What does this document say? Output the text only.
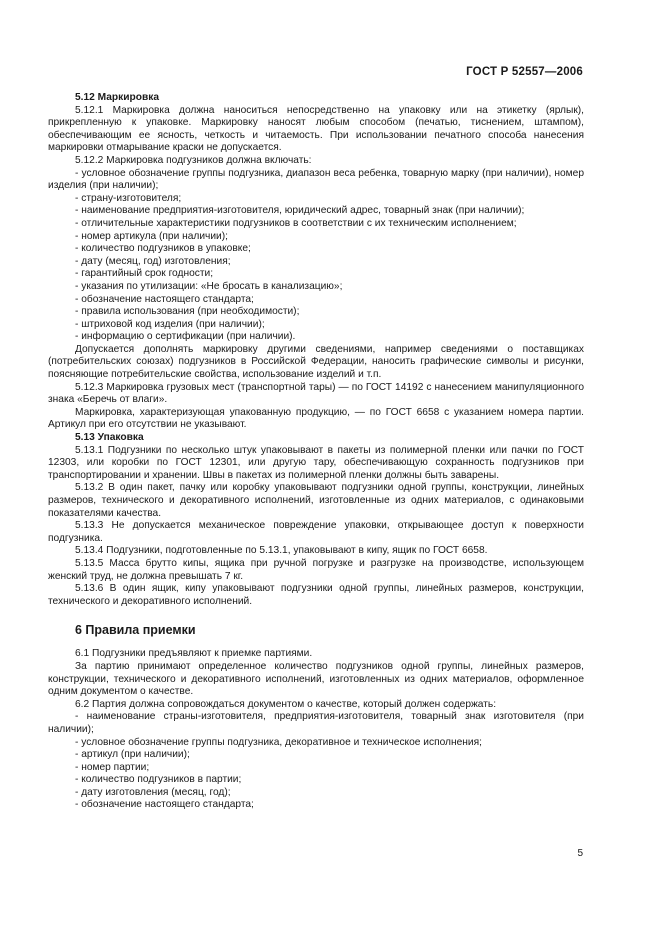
ГОСТ Р 52557—2006
5.12 Маркировка
5.12.1 Маркировка должна наноситься непосредственно на упаковку или на этикетку (ярлык), прикрепленную к упаковке. Маркировку наносят любым способом (печатью, тиснением, штампом), обеспечивающим ее ясность, четкость и читаемость. При использовании печатного способа нанесения маркировки отмарывание краски не допускается.
5.12.2 Маркировка подгузников должна включать:
- условное обозначение группы подгузника, диапазон веса ребенка, товарную марку (при наличии), номер изделия (при наличии);
- страну-изготовителя;
- наименование предприятия-изготовителя, юридический адрес, товарный знак (при наличии);
- отличительные характеристики подгузников в соответствии с их техническим исполнением;
- номер артикула (при наличии);
- количество подгузников в упаковке;
- дату (месяц, год) изготовления;
- гарантийный срок годности;
- указания по утилизации: «Не бросать в канализацию»;
- обозначение настоящего стандарта;
- правила использования (при необходимости);
- штриховой код изделия (при наличии);
- информацию о сертификации (при наличии).
Допускается дополнять маркировку другими сведениями, например сведениями о поставщиках (потребительских союзах) подгузников в Российской Федерации, наносить графические символы и рисунки, поясняющие потребительские свойства, использование изделий и т.п.
5.12.3 Маркировка грузовых мест (транспортной тары) — по ГОСТ 14192 с нанесением манипуляционного знака «Беречь от влаги».
Маркировка, характеризующая упакованную продукцию, — по ГОСТ 6658 с указанием номера партии. Артикул при его отсутствии не указывают.
5.13 Упаковка
5.13.1 Подгузники по несколько штук упаковывают в пакеты из полимерной пленки или пачки по ГОСТ 12303, или коробки по ГОСТ 12301, или другую тару, обеспечивающую сохранность подгузников при транспортировании и хранении. Швы в пакетах из полимерной пленки должны быть заварены.
5.13.2 В один пакет, пачку или коробку упаковывают подгузники одной группы, конструкции, линейных размеров, технического и декоративного исполнений, изготовленные из одних материалов, с одинаковыми показателями качества.
5.13.3 Не допускается механическое повреждение упаковки, открывающее доступ к поверхности подгузника.
5.13.4 Подгузники, подготовленные по 5.13.1, упаковывают в кипу, ящик по ГОСТ 6658.
5.13.5 Масса брутто кипы, ящика при ручной погрузке и разгрузке на производстве, использующем женский труд, не должна превышать 7 кг.
5.13.6 В один ящик, кипу упаковывают подгузники одной группы, линейных размеров, конструкции, технического и декоративного исполнений.
6 Правила приемки
6.1 Подгузники предъявляют к приемке партиями.
За партию принимают определенное количество подгузников одной группы, линейных размеров, конструкции, технического и декоративного исполнений, изготовленных из одних материалов, оформленное одним документом о качестве.
6.2 Партия должна сопровождаться документом о качестве, который должен содержать:
- наименование страны-изготовителя, предприятия-изготовителя, товарный знак изготовителя (при наличии);
- условное обозначение группы подгузника, декоративное и техническое исполнения;
- артикул (при наличии);
- номер партии;
- количество подгузников в партии;
- дату изготовления (месяц, год);
- обозначение настоящего стандарта;
5
